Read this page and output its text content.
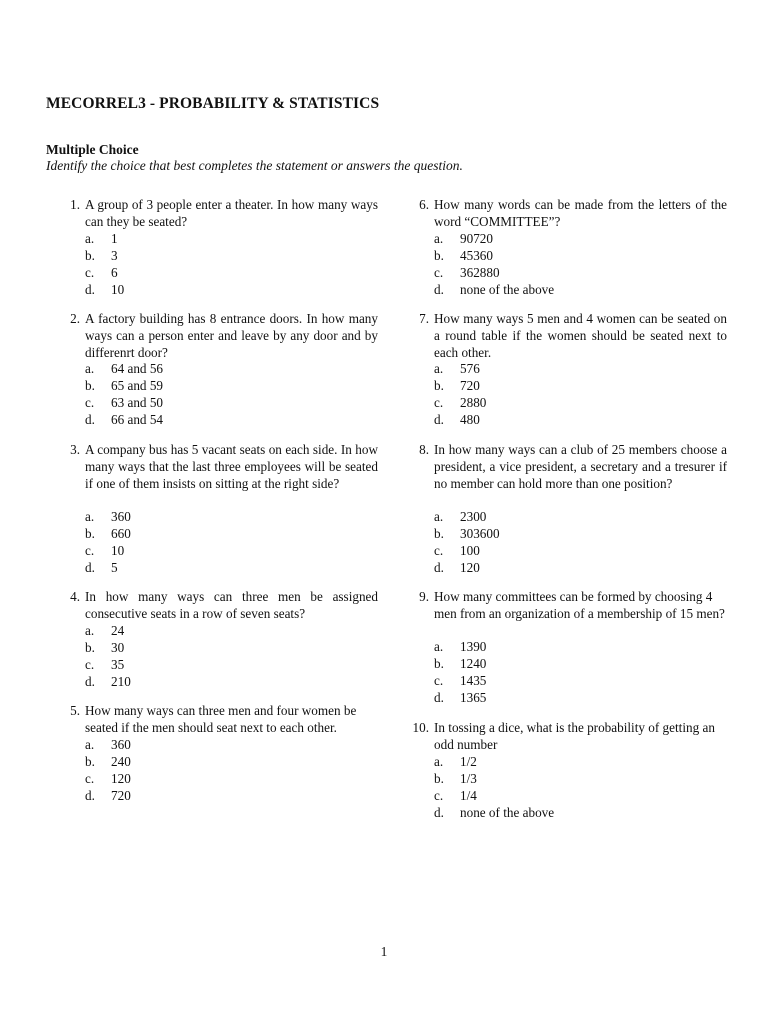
MECORREL3 - PROBABILITY & STATISTICS
Multiple Choice
Identify the choice that best completes the statement or answers the question.
1. A group of 3 people enter a theater. In how many ways can they be seated?
a. 1
b. 3
c. 6
d. 10
2. A factory building has 8 entrance doors. In how many ways can a person enter and leave by any door and by differenrt door?
a. 64 and 56
b. 65 and 59
c. 63 and 50
d. 66 and 54
3. A company bus has 5 vacant seats on each side. In how many ways that the last three employees will be seated if one of them insists on sitting at the right side?
a. 360
b. 660
c. 10
d. 5
4. In how many ways can three men be assigned consecutive seats in a row of seven seats?
a. 24
b. 30
c. 35
d. 210
5. How many ways can three men and four women be seated if the men should seat next to each other.
a. 360
b. 240
c. 120
d. 720
6. How many words can be made from the letters of the word “COMMITTEE”?
a. 90720
b. 45360
c. 362880
d. none of the above
7. How many ways 5 men and 4 women can be seated on a round table if the women should be seated next to each other.
a. 576
b. 720
c. 2880
d. 480
8. In how many ways can a club of 25 members choose a president, a vice president, a secretary and a tresurer if no member can hold more than one position?
a. 2300
b. 303600
c. 100
d. 120
9. How many committees can be formed by choosing 4 men from an organization of a membership of 15 men?
a. 1390
b. 1240
c. 1435
d. 1365
10. In tossing a dice, what is the probability of getting an odd number
a. 1/2
b. 1/3
c. 1/4
d. none of the above
1
